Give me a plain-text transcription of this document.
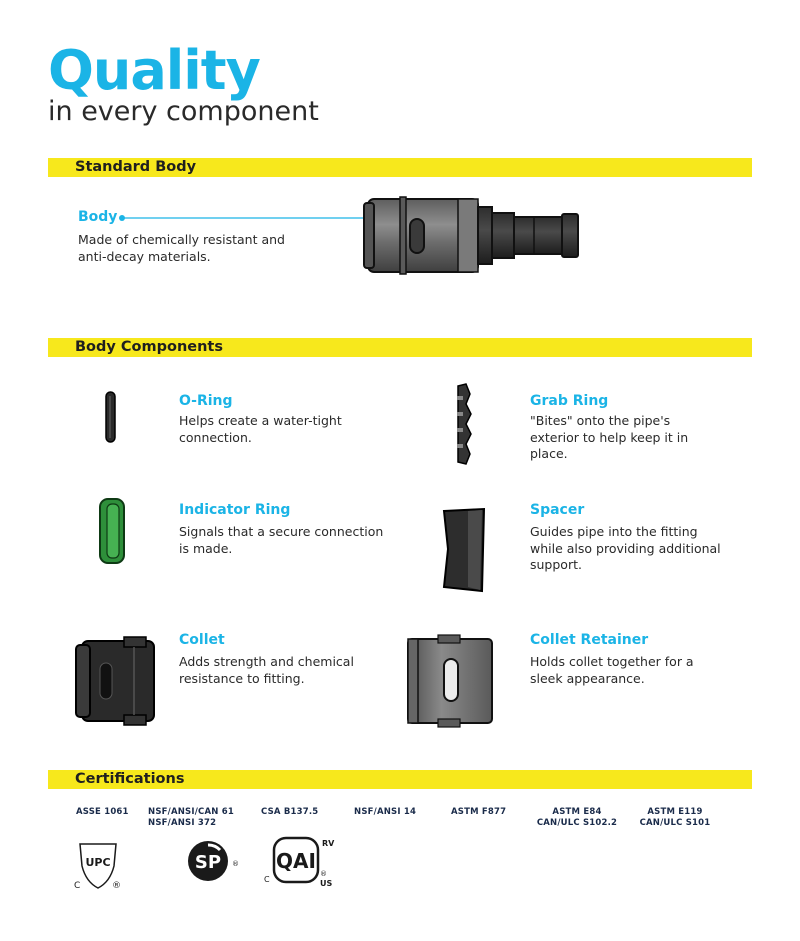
Quality
in every component
Standard Body
Body
Made of chemically resistant and
anti-decay materials.
Body Components
O-Ring
Helps create a water-tight
connection.
Grab Ring
"Bites" onto the pipe's
exterior to help keep it in
place.
Indicator Ring
Signals that a secure connection
is made.
Spacer
Guides pipe into the fitting
while also providing additional
support.
Collet
Adds strength and chemical
resistance to fitting.
Collet Retainer
Holds collet together for a
sleek appearance.
Certifications
ASSE 1061 NSF/ANSI/CAN 61
NSF/ANSI 372
CSA B137.5	NSF/ANSI 14	ASTM F877	ASTM E84
CAN/ULC S102.2
ASTM E119
CAN/ULC S101
UPC
C	®
SP ® QAI
RV
C
®
US
